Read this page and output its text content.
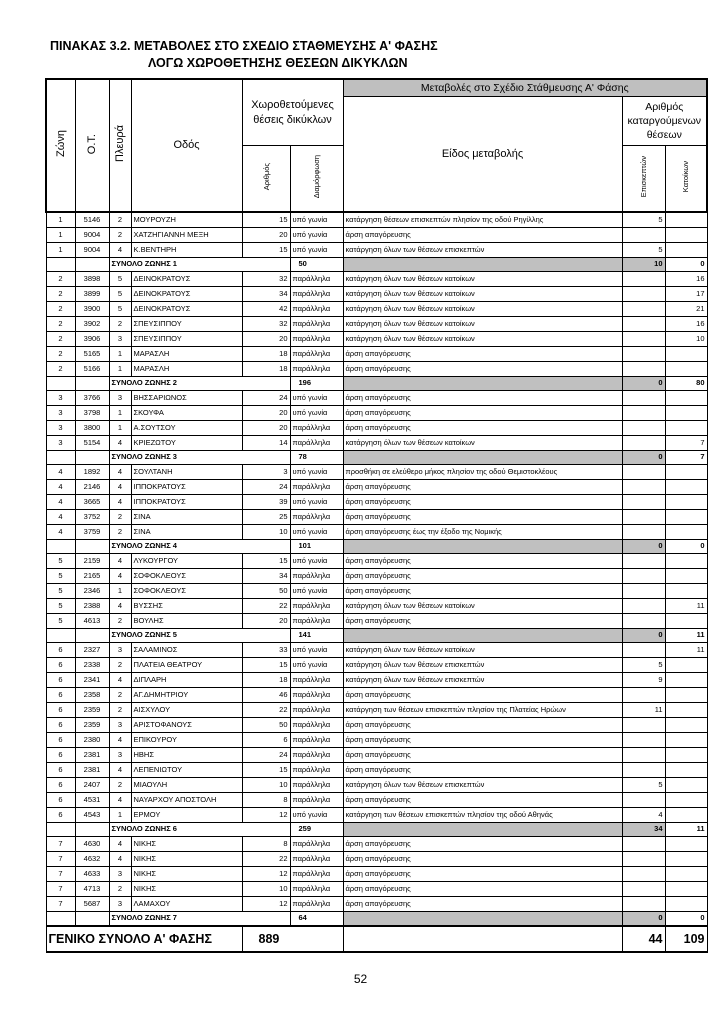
ΠΙΝΑΚΑΣ 3.2. ΜΕΤΑΒΟΛΕΣ ΣΤΟ ΣΧΕΔΙΟ ΣΤΑΘΜΕΥΣΗΣ Α' ΦΑΣΗΣ
ΛΟΓΩ ΧΩΡΟΘΕΤΗΣΗΣ ΘΕΣΕΩΝ ΔΙΚΥΚΛΩΝ
Ζώνη	Ο.Τ.	Πλευρά	Οδός	Χωροθετούμενες θέσεις δικύκλων		Μεταβολές στο Σχέδιο Στάθμευσης Α' Φάσης		
						Είδος μεταβολής	Αριθμός καταργούμενων θέσεων	
				Αριθμός	Διαμόρφωση		Επισκεπτών	Κατοίκων
1	5146	2	ΜΟΥΡΟΥΖΗ	15	υπό γωνία	κατάργηση θέσεων επισκεπτών πλησίον της οδού Ρηγίλλης	5	
1	9004	2	ΧΑΤΖΗΓΙΑΝΝΗ ΜΕΞΗ	20	υπό γωνία	άρση απαγόρευσης		
1	9004	4	Κ.ΒΕΝΤΗΡΗ	15	υπό γωνία	κατάργηση όλων των θέσεων επισκεπτών	5	
		ΣΥΝΟΛΟ ΖΩΝΗΣ 1			50		10	0
2	3898	5	ΔΕΙΝΟΚΡΑΤΟΥΣ	32	παράλληλα	κατάργηση όλων των θέσεων κατοίκων		16
2	3899	5	ΔΕΙΝΟΚΡΑΤΟΥΣ	34	παράλληλα	κατάργηση όλων των θέσεων κατοίκων		17
2	3900	5	ΔΕΙΝΟΚΡΑΤΟΥΣ	42	παράλληλα	κατάργηση όλων των θέσεων κατοίκων		21
2	3902	2	ΣΠΕΥΣΙΠΠΟΥ	32	παράλληλα	κατάργηση όλων των θέσεων κατοίκων		16
2	3906	3	ΣΠΕΥΣΙΠΠΟΥ	20	παράλληλα	κατάργηση όλων των θέσεων κατοίκων		10
2	5165	1	ΜΑΡΑΣΛΗ	18	παράλληλα	άρση απαγόρευσης		
2	5166	1	ΜΑΡΑΣΛΗ	18	παράλληλα	άρση απαγόρευσης		
		ΣΥΝΟΛΟ ΖΩΝΗΣ 2			196		0	80
3	3766	3	ΒΗΣΣΑΡΙΩΝΟΣ	24	υπό γωνία	άρση απαγόρευσης		
3	3798	1	ΣΚΟΥΦΑ	20	υπό γωνία	άρση απαγόρευσης		
3	3800	1	Α.ΣΟΥΤΣΟΥ	20	παράλληλα	άρση απαγόρευσης		
3	5154	4	ΚΡΙΕΖΩΤΟΥ	14	παράλληλα	κατάργηση όλων των θέσεων κατοίκων		7
		ΣΥΝΟΛΟ ΖΩΝΗΣ 3			78		0	7
4	1892	4	ΣΟΥΛΤΑΝΗ	3	υπό γωνία	προσθήκη σε ελεύθερο μήκος πλησίον της οδού Θεμιστοκλέους		
4	2146	4	ΙΠΠΟΚΡΑΤΟΥΣ	24	παράλληλα	άρση απαγόρευσης		
4	3665	4	ΙΠΠΟΚΡΑΤΟΥΣ	39	υπό γωνία	άρση απαγόρευσης		
4	3752	2	ΣΙΝΑ	25	παράλληλα	άρση απαγόρευσης		
4	3759	2	ΣΙΝΑ	10	υπό γωνία	άρση απαγόρευσης έως την έξοδο της Νομικής		
		ΣΥΝΟΛΟ ΖΩΝΗΣ 4			101		0	0
5	2159	4	ΛΥΚΟΥΡΓΟΥ	15	υπό γωνία	άρση απαγόρευσης		
5	2165	4	ΣΟΦΟΚΛΕΟΥΣ	34	παράλληλα	άρση απαγόρευσης		
5	2346	1	ΣΟΦΟΚΛΕΟΥΣ	50	υπό γωνία	άρση απαγόρευσης		
5	2388	4	ΒΥΣΣΗΣ	22	παράλληλα	κατάργηση όλων των θέσεων κατοίκων		11
5	4613	2	ΒΟΥΛΗΣ	20	παράλληλα	άρση απαγόρευσης		
		ΣΥΝΟΛΟ ΖΩΝΗΣ 5			141		0	11
6	2327	3	ΣΑΛΑΜΙΝΟΣ	33	υπό γωνία	κατάργηση όλων των θέσεων κατοίκων		11
6	2338	2	ΠΛΑΤΕΙΑ ΘΕΑΤΡΟΥ	15	υπό γωνία	κατάργηση όλων των θέσεων επισκεπτών	5	
6	2341	4	ΔΙΠΛΑΡΗ	18	παράλληλα	κατάργηση όλων των θέσεων επισκεπτών	9	
6	2358	2	ΑΓ.ΔΗΜΗΤΡΙΟΥ	46	παράλληλα	άρση απαγόρευσης		
6	2359	2	ΑΙΣΧΥΛΟΥ	22	παράλληλα	κατάργηση των θέσεων επισκεπτών πλησίον της Πλατείας Ηρώων	11	
6	2359	3	ΑΡΙΣΤΟΦΑΝΟΥΣ	50	παράλληλα	άρση απαγόρευσης		
6	2380	4	ΕΠΙΚΟΥΡΟΥ	6	παράλληλα	άρση απαγόρευσης		
6	2381	3	ΗΒΗΣ	24	παράλληλα	άρση απαγόρευσης		
6	2381	4	ΛΕΠΕΝΙΩΤΟΥ	15	παράλληλα	άρση απαγόρευσης		
6	2407	2	ΜΙΑΟΥΛΗ	10	παράλληλα	κατάργηση όλων των θέσεων επισκεπτών	5	
6	4531	4	ΝΑΥΑΡΧΟΥ ΑΠΟΣΤΟΛΗ	8	παράλληλα	άρση απαγόρευσης		
6	4543	1	ΕΡΜΟΥ	12	υπό γωνία	κατάργηση των θέσεων επισκεπτών πλησίον της οδού Αθηνάς	4	
		ΣΥΝΟΛΟ ΖΩΝΗΣ 6			259		34	11
7	4630	4	ΝΙΚΗΣ	8	παράλληλα	άρση απαγόρευσης		
7	4632	4	ΝΙΚΗΣ	22	παράλληλα	άρση απαγόρευσης		
7	4633	3	ΝΙΚΗΣ	12	παράλληλα	άρση απαγόρευσης		
7	4713	2	ΝΙΚΗΣ	10	παράλληλα	άρση απαγόρευσης		
7	5687	3	ΛΑΜΑΧΟΥ	12	παράλληλα	άρση απαγόρευσης		
		ΣΥΝΟΛΟ ΖΩΝΗΣ 7			64		0	0
ΓΕΝΙΚΟ ΣΥΝΟΛΟ Α' ΦΑΣΗΣ				889			44	109
52
